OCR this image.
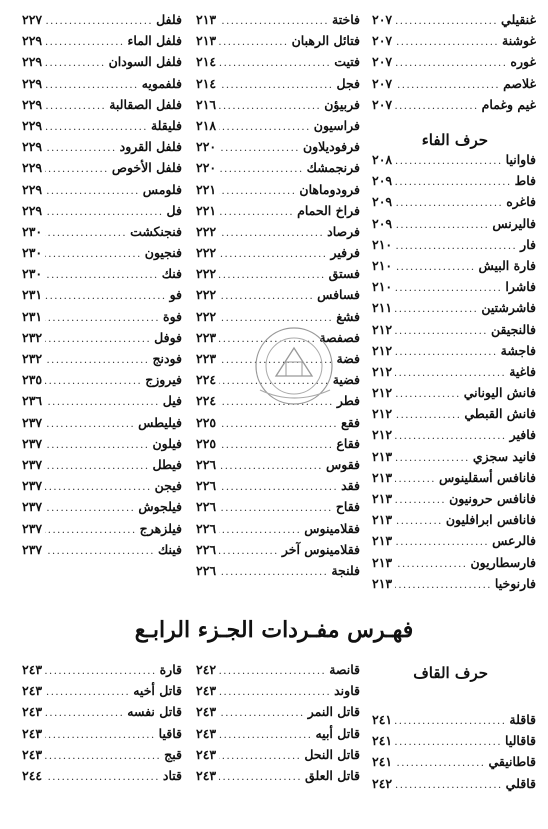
غنقيلي
.....
٢٠٧
غوشنة
.....
٢٠٧
غوره
.....
٢٠٧
غلاصم
.....
٢٠٧
غيم وغمام
.....
٢٠٧
حرف الفاء
فاوانيا
.....
٢٠٨
فاط
.....
٢٠٩
فاغره
.....
٢٠٩
فاليرنس
.....
٢٠٩
فار
.....
٢١٠
فارة البيش
.....
٢١٠
فاشرا
.....
٢١٠
فاشرشتين
.....
٢١١
فالنجيقن
.....
٢١٢
فاجشة
.....
٢١٢
فاغية
.....
٢١٢
فانش اليوناني
.....
٢١٢
فانش القبطي
.....
٢١٢
فافير
.....
٢١٢
فانيد سجزي
.....
٢١٣
فانافس أسقلينوس
.....
٢١٣
فانافس حرونيون
.....
٢١٣
فانافس ابرافليون
.....
٢١٣
فالرعس
.....
٢١٣
فارسطاريون
.....
٢١٣
فارنوخيا
.....
٢١٣
فاختة
.....
٢١٣
فتائل الرهبان
.....
٢١٣
فتيت
.....
٢١٤
فجل
.....
٢١٤
فربيؤن
.....
٢١٦
فراسيون
.....
٢١٨
فرفوديلاون
.....
٢٢٠
فرنجمشك
.....
٢٢٠
فرودوماهان
.....
٢٢١
فراخ الحمام
.....
٢٢١
فرصاد
.....
٢٢٢
فرفير
.....
٢٢٢
فستق
.....
٢٢٢
فسافس
.....
٢٢٢
فشغ
.....
٢٢٢
فصفصة
.....
٢٢٣
فضة
.....
٢٢٣
فضية
.....
٢٢٤
فطر
.....
٢٢٤
فقع
.....
٢٢٥
فقاع
.....
٢٢٥
فقوس
.....
٢٢٦
فقد
.....
٢٢٦
فقاح
.....
٢٢٦
فقلامينوس
.....
٢٢٦
فقلامينوس آخر
.....
٢٢٦
فلنجة
.....
٢٢٦
فلفل
.....
٢٢٧
فلفل الماء
.....
٢٢٩
فلفل السودان
.....
٢٢٩
فلفمويه
.....
٢٢٩
فلفل الصقالبة
.....
٢٢٩
فليقلة
.....
٢٢٩
فلفل القرود
.....
٢٢٩
فلفل الأخوص
.....
٢٢٩
فلومس
.....
٢٢٩
فل
.....
٢٢٩
فنجنكشت
.....
٢٣٠
فنجيون
.....
٢٣٠
فنك
.....
٢٣٠
فو
.....
٢٣١
فوة
.....
٢٣١
فوفل
.....
٢٣٢
فودنج
.....
٢٣٢
فيروزج
.....
٢٣٥
فيل
.....
٢٣٦
فيليطس
.....
٢٣٧
فيلون
.....
٢٣٧
فيطل
.....
٢٣٧
فيجن
.....
٢٣٧
فيلجوش
.....
٢٣٧
فيلزهرج
.....
٢٣٧
فينك
.....
٢٣٧
فهـرس مفـردات الجـزء الرابـع
حرف القاف
قاقلة
.....
٢٤١
قاقاليا
.....
٢٤١
قاطانيقي
.....
٢٤١
قاقلي
.....
٢٤٢
قانصة
.....
٢٤٢
قاوند
.....
٢٤٣
قاتل النمر
.....
٢٤٣
قاتل أبيه
.....
٢٤٣
قاتل النحل
.....
٢٤٣
قاتل العلق
.....
٢٤٣
قارة
.....
٢٤٣
قاتل أخيه
.....
٢٤٣
قاتل نفسه
.....
٢٤٣
قاقيا
.....
٢٤٣
قبج
.....
٢٤٣
قتاد
.....
٢٤٤
